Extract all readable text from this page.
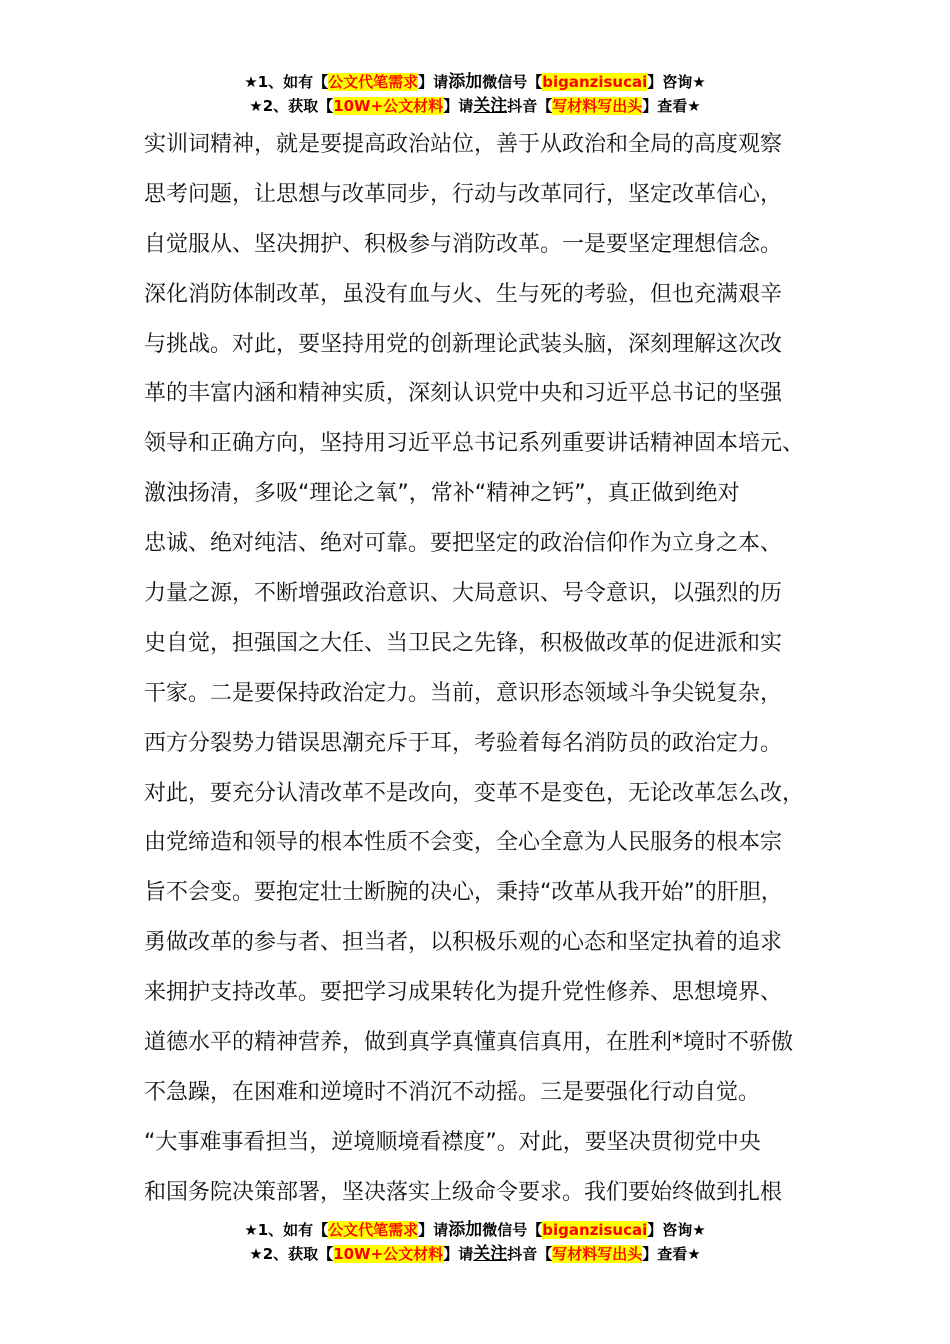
★1、如有【公文代笔需求】请添加微信号【biganzisucai】咨询★
★2、获取【10W+公文材料】请关注抖音【写材料写出头】查看★
实训词精神，就是要提高政治站位，善于从政治和全局的高度观察
思考问题，让思想与改革同步，行动与改革同行，坚定改革信心，
自觉服从、坚决拥护、积极参与消防改革。一是要坚定理想信念。
深化消防体制改革，虽没有血与火、生与死的考验，但也充满艰辛
与挑战。对此，要坚持用党的创新理论武装头脑，深刻理解这次改
革的丰富内涵和精神实质，深刻认识党中央和习近平总书记的坚强
领导和正确方向，坚持用习近平总书记系列重要讲话精神固本培元、
激浊扬清，多吸“理论之氧”，常补“精神之钙”，真正做到绝对
忠诚、绝对纯洁、绝对可靠。要把坚定的政治信仰作为立身之本、
力量之源，不断增强政治意识、大局意识、号令意识，以强烈的历
史自觉，担强国之大任、当卫民之先锋，积极做改革的促进派和实
干家。二是要保持政治定力。当前，意识形态领域斗争尖锐复杂，
西方分裂势力错误思潮充斥于耳，考验着每名消防员的政治定力。
对此，要充分认清改革不是改向，变革不是变色，无论改革怎么改，
由党缔造和领导的根本性质不会变，全心全意为人民服务的根本宗
旨不会变。要抱定壮士断腕的决心，秉持“改革从我开始”的肝胆，
勇做改革的参与者、担当者，以积极乐观的心态和坚定执着的追求
来拥护支持改革。要把学习成果转化为提升党性修养、思想境界、
道德水平的精神营养，做到真学真懂真信真用，在胜利*境时不骄傲
不急躁，在困难和逆境时不消沉不动摇。三是要强化行动自觉。
“大事难事看担当，逆境顺境看襟度”。对此，要坚决贯彻党中央
和国务院决策部署，坚决落实上级命令要求。我们要始终做到扎根
★1、如有【公文代笔需求】请添加微信号【biganzisucai】咨询★
★2、获取【10W+公文材料】请关注抖音【写材料写出头】查看★
